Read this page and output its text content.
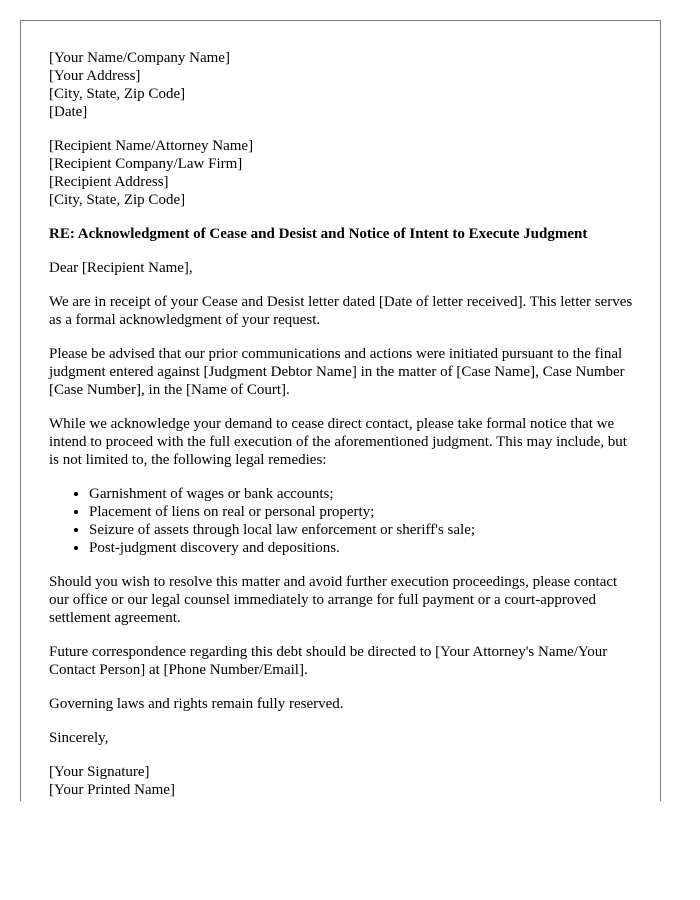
[Your Name/Company Name]
[Your Address]
[City, State, Zip Code]
[Date]
[Recipient Name/Attorney Name]
[Recipient Company/Law Firm]
[Recipient Address]
[City, State, Zip Code]
RE: Acknowledgment of Cease and Desist and Notice of Intent to Execute Judgment

Dear [Recipient Name],

We are in receipt of your Cease and Desist letter dated [Date of letter received]. This letter serves as a formal acknowledgment of your request.

Please be advised that our prior communications and actions were initiated pursuant to the final judgment entered against [Judgment Debtor Name] in the matter of [Case Name], Case Number [Case Number], in the [Name of Court].

While we acknowledge your demand to cease direct contact, please take formal notice that we intend to proceed with the full execution of the aforementioned judgment. This may include, but is not limited to, the following legal remedies:

• Garnishment of wages or bank accounts;
• Placement of liens on real or personal property;
• Seizure of assets through local law enforcement or sheriff's sale;
• Post-judgment discovery and depositions.

Should you wish to resolve this matter and avoid further execution proceedings, please contact our office or our legal counsel immediately to arrange for full payment or a court-approved settlement agreement.

Future correspondence regarding this debt should be directed to [Your Attorney's Name/Your Contact Person] at [Phone Number/Email].

Governing laws and rights remain fully reserved.

Sincerely,

[Your Signature]
[Your Printed Name]
